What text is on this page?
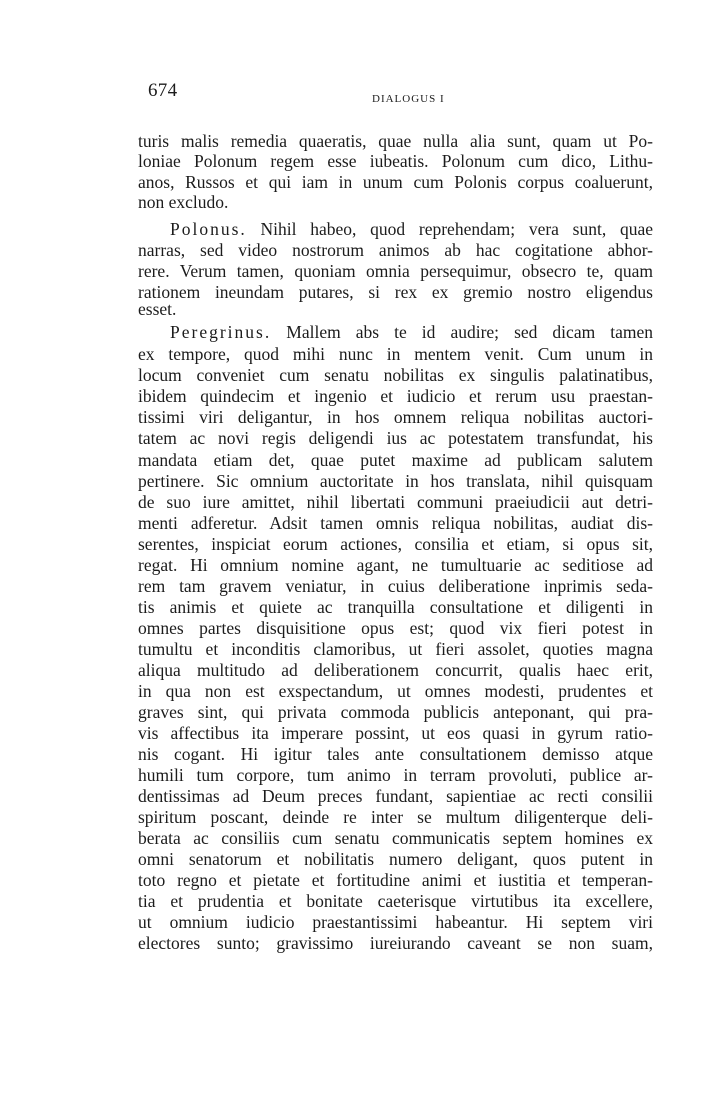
674	DIALOGUS I
turis malis remedia quaeratis, quae nulla alia sunt, quam ut Po-
loniae Polonum regem esse iubeatis. Polonum cum dico, Lithu-
anos, Russos et qui iam in unum cum Polonis corpus coaluerunt,
non excludo.
Polonus. Nihil habeo, quod reprehendam; vera sunt, quae
narras, sed video nostrorum animos ab hac cogitatione abhor-
rere. Verum tamen, quoniam omnia persequimur, obsecro te, quam
rationem ineundam putares, si rex ex gremio nostro eligendus
esset.
Peregrinus. Mallem abs te id audire; sed dicam tamen
ex tempore, quod mihi nunc in mentem venit. Cum unum in
locum conveniet cum senatu nobilitas ex singulis palatinatibus,
ibidem quindecim et ingenio et iudicio et rerum usu praestan-
tissimi viri deligantur, in hos omnem reliqua nobilitas auctori-
tatem ac novi regis deligendi ius ac potestatem transfundat, his
mandata etiam det, quae putet maxime ad publicam salutem
pertinere. Sic omnium auctoritate in hos translata, nihil quisquam
de suo iure amittet, nihil libertati communi praeiudicii aut detri-
menti adferetur. Adsit tamen omnis reliqua nobilitas, audiat dis-
serentes, inspiciat eorum actiones, consilia et etiam, si opus sit,
regat. Hi omnium nomine agant, ne tumultuarie ac seditiose ad
rem tam gravem veniatur, in cuius deliberatione inprimis seda-
tis animis et quiete ac tranquilla consultatione et diligenti in
omnes partes disquisitione opus est; quod vix fieri potest in
tumultu et inconditis clamoribus, ut fieri assolet, quoties magna
aliqua multitudo ad deliberationem concurrit, qualis haec erit,
in qua non est exspectandum, ut omnes modesti, prudentes et
graves sint, qui privata commoda publicis anteponant, qui pra-
vis affectibus ita imperare possint, ut eos quasi in gyrum ratio-
nis cogant. Hi igitur tales ante consultationem demisso atque
humili tum corpore, tum animo in terram provoluti, publice ar-
dentissimas ad Deum preces fundant, sapientiae ac recti consilii
spiritum poscant, deinde re inter se multum diligenterque deli-
berata ac consiliis cum senatu communicatis septem homines ex
omni senatorum et nobilitatis numero deligant, quos putent in
toto regno et pietate et fortitudine animi et iustitia et temperan-
tia et prudentia et bonitate caeterisque virtutibus ita excellere,
ut omnium iudicio praestantissimi habeantur. Hi septem viri
electores sunto; gravissimo iureiurando caveant se non suam,
